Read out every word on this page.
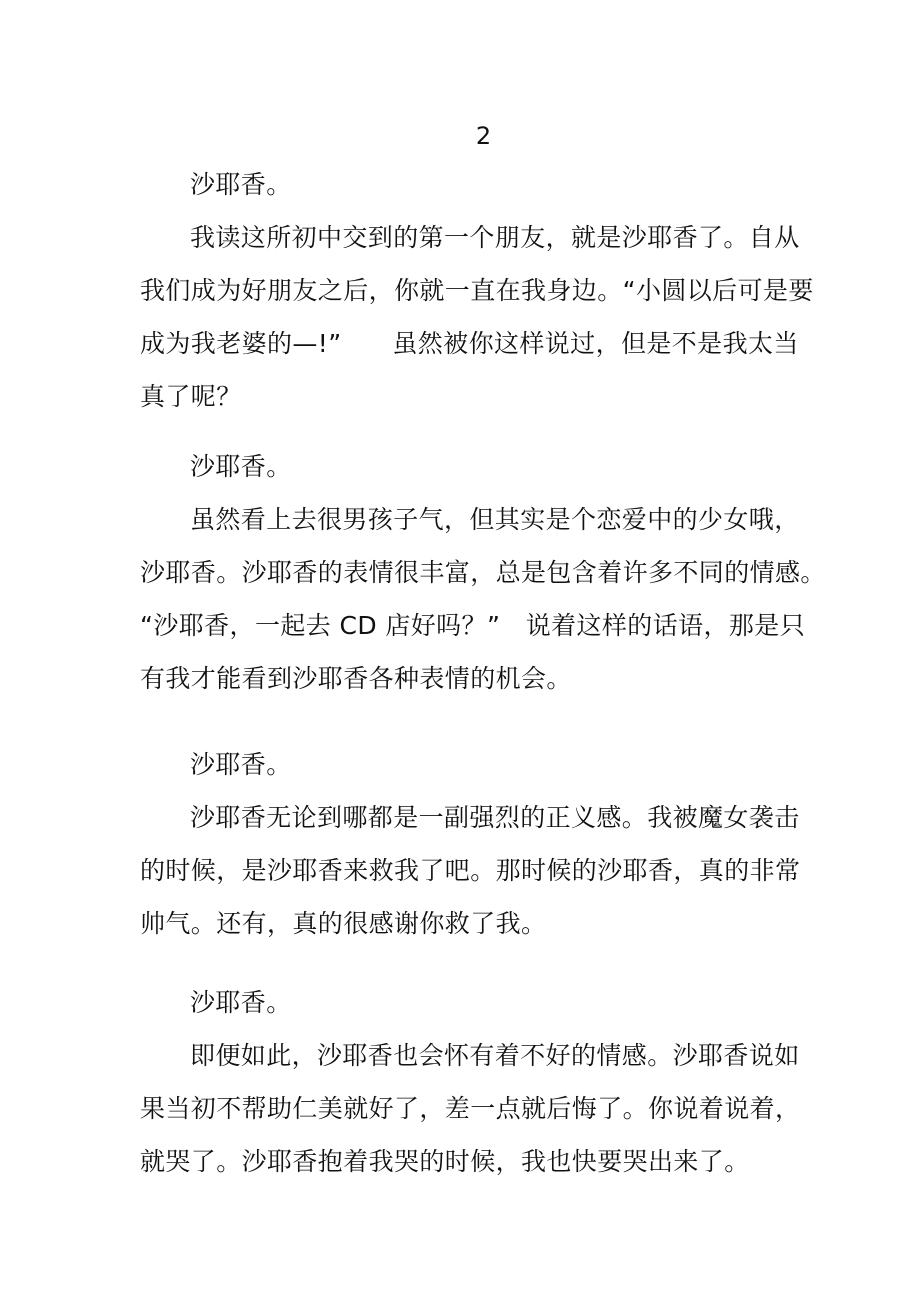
2
沙耶香。
我读这所初中交到的第一个朋友，就是沙耶香了。自从
我们成为好朋友之后，你就一直在我身边。“小圆以后可是要
成为我老婆的—!”　　虽然被你这样说过，但是不是我太当
真了呢？
沙耶香。
虽然看上去很男孩子气，但其实是个恋爱中的少女哦，
沙耶香。沙耶香的表情很丰富，总是包含着许多不同的情感。
“沙耶香，一起去 CD 店好吗？”　说着这样的话语，那是只
有我才能看到沙耶香各种表情的机会。
沙耶香。
沙耶香无论到哪都是一副强烈的正义感。我被魔女袭击
的时候，是沙耶香来救我了吧。那时候的沙耶香，真的非常
帅气。还有，真的很感谢你救了我。
沙耶香。
即便如此，沙耶香也会怀有着不好的情感。沙耶香说如
果当初不帮助仁美就好了，差一点就后悔了。你说着说着，
就哭了。沙耶香抱着我哭的时候，我也快要哭出来了。
